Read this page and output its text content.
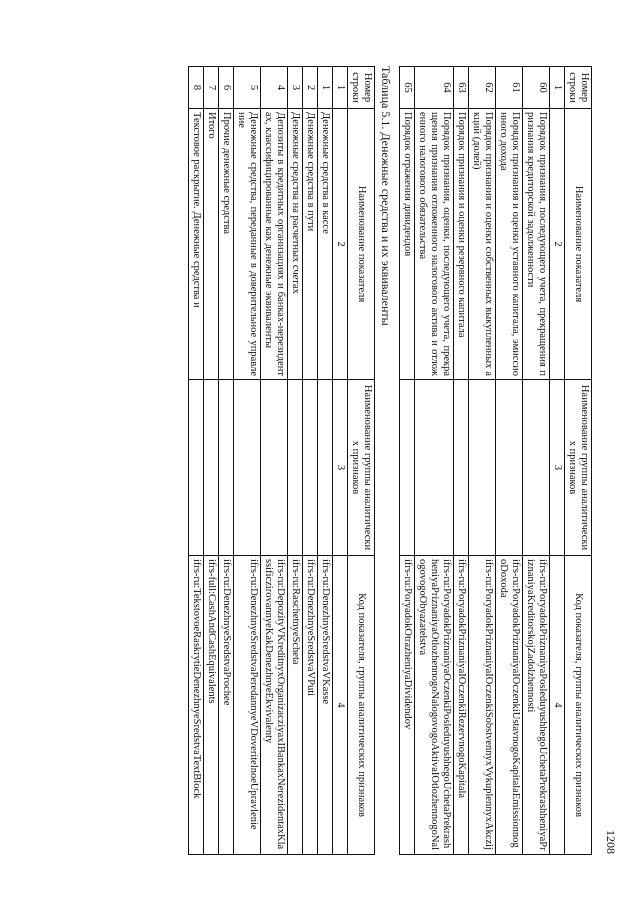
1208
Номер строки	Наименование показателя	Наименование группы аналитических признаков	Код показателя, группы аналитических признаков
1	2	3	4
60	Порядок признания, последующего учета, прекращения признания кредиторской задолженности		ifrs-ru:PoryadokPriznaniyaPosleduyushhegoUchetaPrekrashheniyaPriznaniyaKreditorskojZadolzhennosti
61	Порядок признания и оценки уставного капитала, эмиссионного дохода		ifrs-ru:PoryadokPriznaniyaIOczenkiUstavnogoKapitalaEmissionnogoDoxoda
62	Порядок признания и оценки собственных выкупленных акций (долей)		ifrs-ru:PoryadokPriznaniyaIOczenkiSobstvennyxVykuplennyxAkczij
63	Порядок признания и оценки резервного капитала		ifrs-ru:PoryadokPriznaniyaIOczenkiRezervnogoKapitala
64	Порядок признания, оценки, последующего учета, прекращения признания отложенного налогового актива и отложенного налогового обязательства		ifrs-ru:PoryadokPriznaniyaOczenkiPosleduyushhegoUchetaPrekrashheniyaPriznaniyaOtlozhennogoNalogovogoAktivaIOtlozhennogoNalogovogoObyazatelstva
65	Порядок отражения дивидендов		ifrs-ru:PoryadokOtrazheniyaDividendov
Таблица 5.1. Денежные средства и их эквиваленты
Номер строки	Наименование показателя	Наименование группы аналитических признаков	Код показателя, группы аналитических признаков
1	2	3	4
1	Денежные средства в кассе		ifrs-ru:DenezhnyeSredstvaVKasse
2	Денежные средства в пути		ifrs-ru:DenezhnyeSredstvaVPuti
3	Денежные средства на расчетных счетах		ifrs-ru:RaschetnyeScheta
4	Депозиты в кредитных организациях и банках-нерезидентах, классифицированные как денежные эквиваленты		ifrs-ru:DepozityVKreditnyxOrganizacziyaxIBankaxNerezidentaxKlassificzirovannyeKakDenezhnyeEkvivalenty
5	Денежные средства, переданные в доверительное управление		ifrs-ru:DenezhnyeSredstvaPeredannyeVDoveritelnoeUpravlenie
6	Прочие денежные средства		ifrs-ru:DenezhnyeSredstvaProchee
7	Итого		ifrs-full:CashAndCashEquivalents
8	Текстовое раскрытие. Денежные средства и		ifrs-ru:TekstovoeRaskrytieDenezhnyeSredstvaTextBlock
